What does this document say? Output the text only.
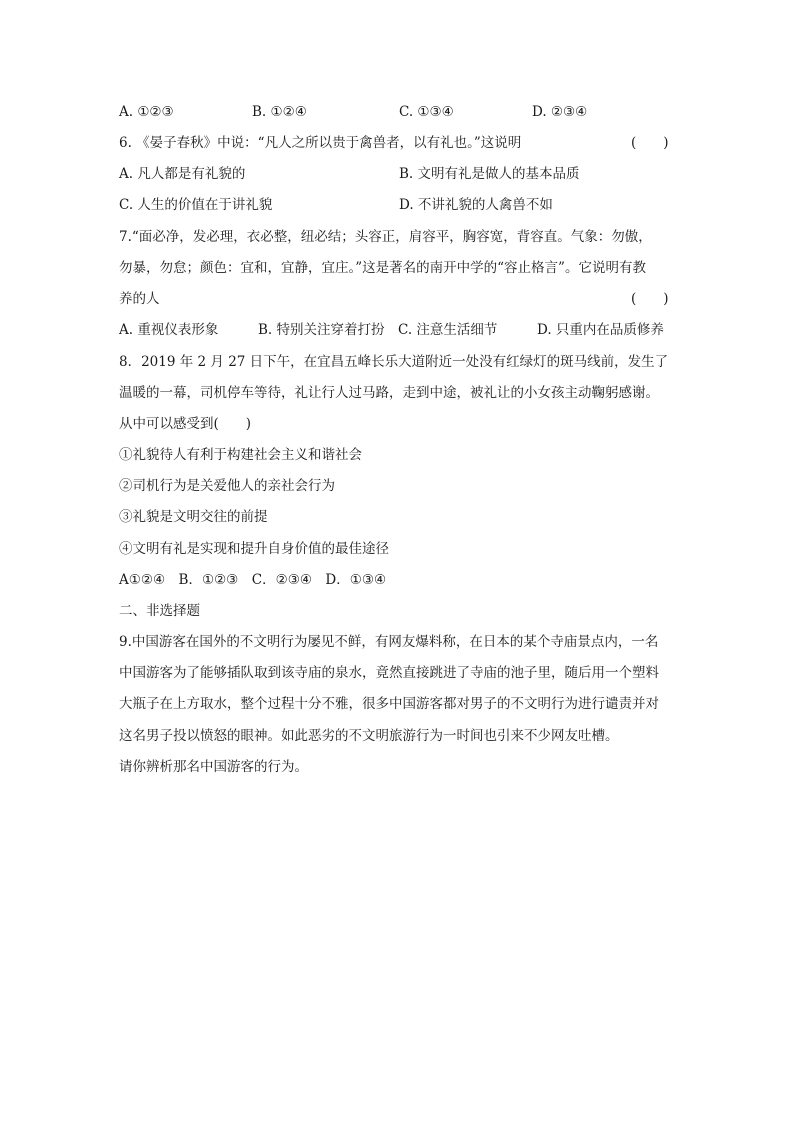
A. ①②③	B. ①②④	C. ①③④	D. ②③④
6. 《晏子春秋》中说：“凡人之所以贵于禽兽者，以有礼也。”这说明	(　　)
A. 凡人都是有礼貌的	B. 文明有礼是做人的基本品质
C. 人生的价值在于讲礼貌	D. 不讲礼貌的人禽兽不如
7.“面必净，发必理，衣必整，纽必结；头容正，肩容平，胸容宽，背容直。气象：勿傲，
勿暴，勿怠；颜色：宜和，宜静，宜庄。”这是著名的南开中学的“容止格言”。它说明有教
养的人	(　　)
A. 重视仪表形象	B. 特别关注穿着打扮 C. 注意生活细节	D. 只重内在品质修养
8．2019 年 2 月 27 日下午，在宜昌五峰长乐大道附近一处没有红绿灯的斑马线前，发生了
温暖的一幕，司机停车等待，礼让行人过马路，走到中途，被礼让的小女孩主动鞠躬感谢。
从中可以感受到(　　)
①礼貌待人有利于构建社会主义和谐社会
②司机行为是关爱他人的亲社会行为
③礼貌是文明交往的前提
④文明有礼是实现和提升自身价值的最佳途径
A①②④　B．①②③　C．②③④　D．①③④
二、非选择题
9.中国游客在国外的不文明行为屡见不鲜，有网友爆料称，在日本的某个寺庙景点内，一名
中国游客为了能够插队取到该寺庙的泉水，竟然直接跳进了寺庙的池子里，随后用一个塑料
大瓶子在上方取水，整个过程十分不雅，很多中国游客都对男子的不文明行为进行谴责并对
这名男子投以愤怒的眼神。如此恶劣的不文明旅游行为一时间也引来不少网友吐槽。
请你辨析那名中国游客的行为。
